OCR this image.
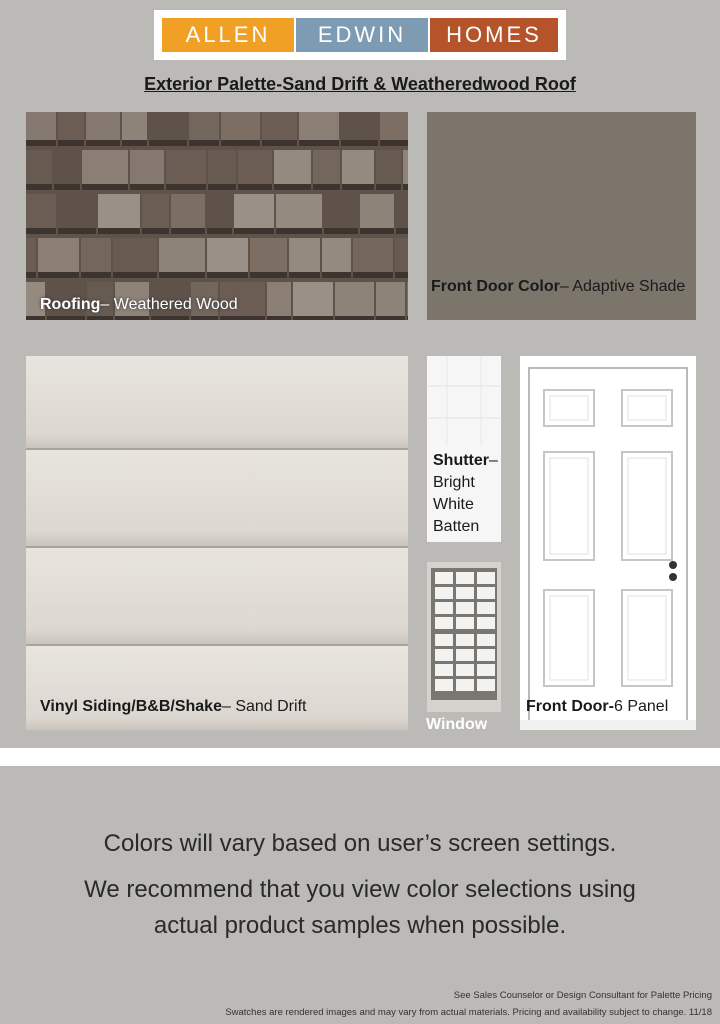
ALLEN	EDWIN	HOMES
Exterior Palette-Sand Drift & Weatheredwood Roof
Roofing– Weathered Wood
Front Door Color– Adaptive Shade
Vinyl Siding/B&B/Shake– Sand Drift
Shutter– Bright White Batten
Window
Front Door-6 Panel
Colors will vary based on user’s screen settings.
We recommend that you view color selections using
actual product samples when possible.
See Sales Counselor or Design Consultant for Palette Pricing
Swatches are rendered images and may vary from actual materials. Pricing and availability subject to change. 11/18
